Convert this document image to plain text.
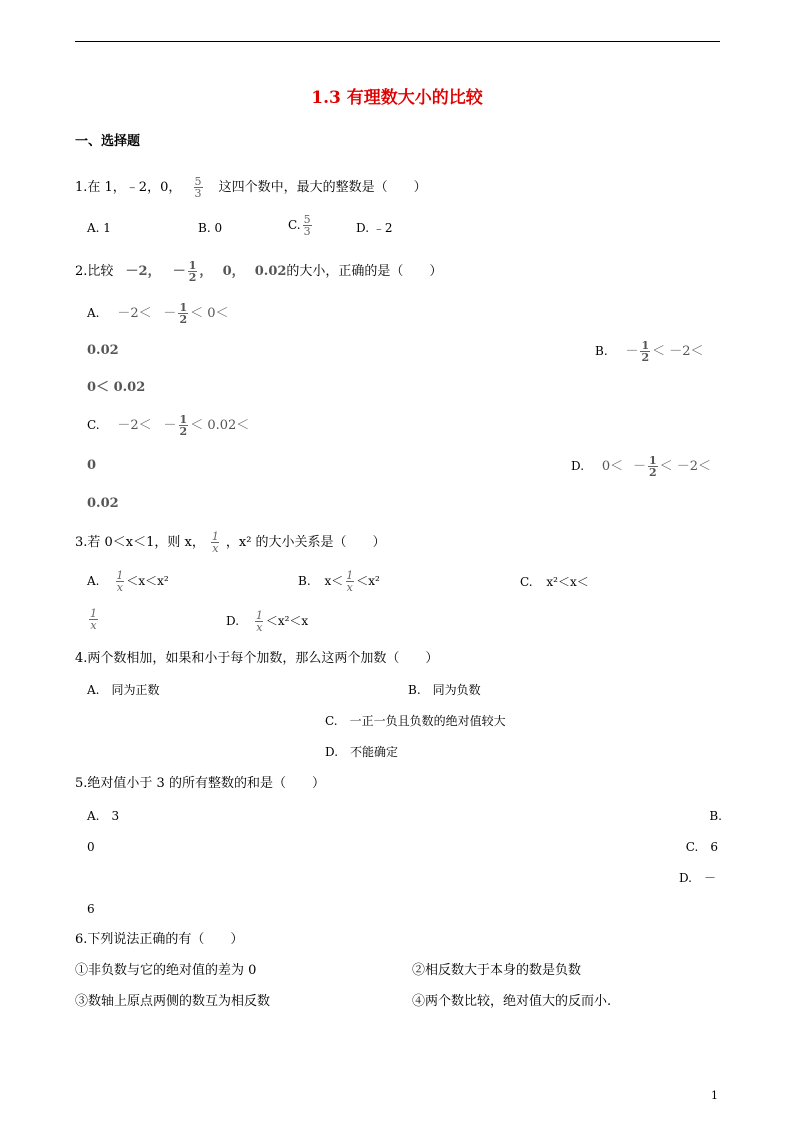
1.3 有理数大小的比较
一、选择题
1.在 1，﹣2，0， $\frac{5}{3}$ 这四个数中，最大的整数是（　　）
A. 1	B. 0	C. $\frac{5}{3}$	D. ﹣2
2.比较 －2， － $\frac{1}{2}$ ， 0， 0.02的大小，正确的是（　　）
A. $-2< - \frac{1}{2} < 0<$
0.02	B. － $\frac{1}{2} < -2<$
0＜ 0.02
C. $-2< - \frac{1}{2} < 0.02<$
0	D. $0< - \frac{1}{2} < -2<$
0.02
3.若 0＜x＜1，则 x， $\frac{1}{x}$ ，x² 的大小关系是（　　）
A. $\frac{1}{x} <x<x^2$	B. $x< \frac{1}{x} <x^2$	C. x²＜x＜
$\frac{1}{x}$	D. $\frac{1}{x} <x^2<x$
4.两个数相加，如果和小于每个加数，那么这两个加数（　　）
A.　同为正数	B.　同为负数
C.　一正一负且负数的绝对值较大
D.　不能确定
5.绝对值小于 3 的所有整数的和是（　　）
A.　3	B.
0	C.　6
D.　－
6
6.下列说法正确的有（　　）
①非负数与它的绝对值的差为 0	②相反数大于本身的数是负数
③数轴上原点两侧的数互为相反数	④两个数比较，绝对值大的反而小.
1
